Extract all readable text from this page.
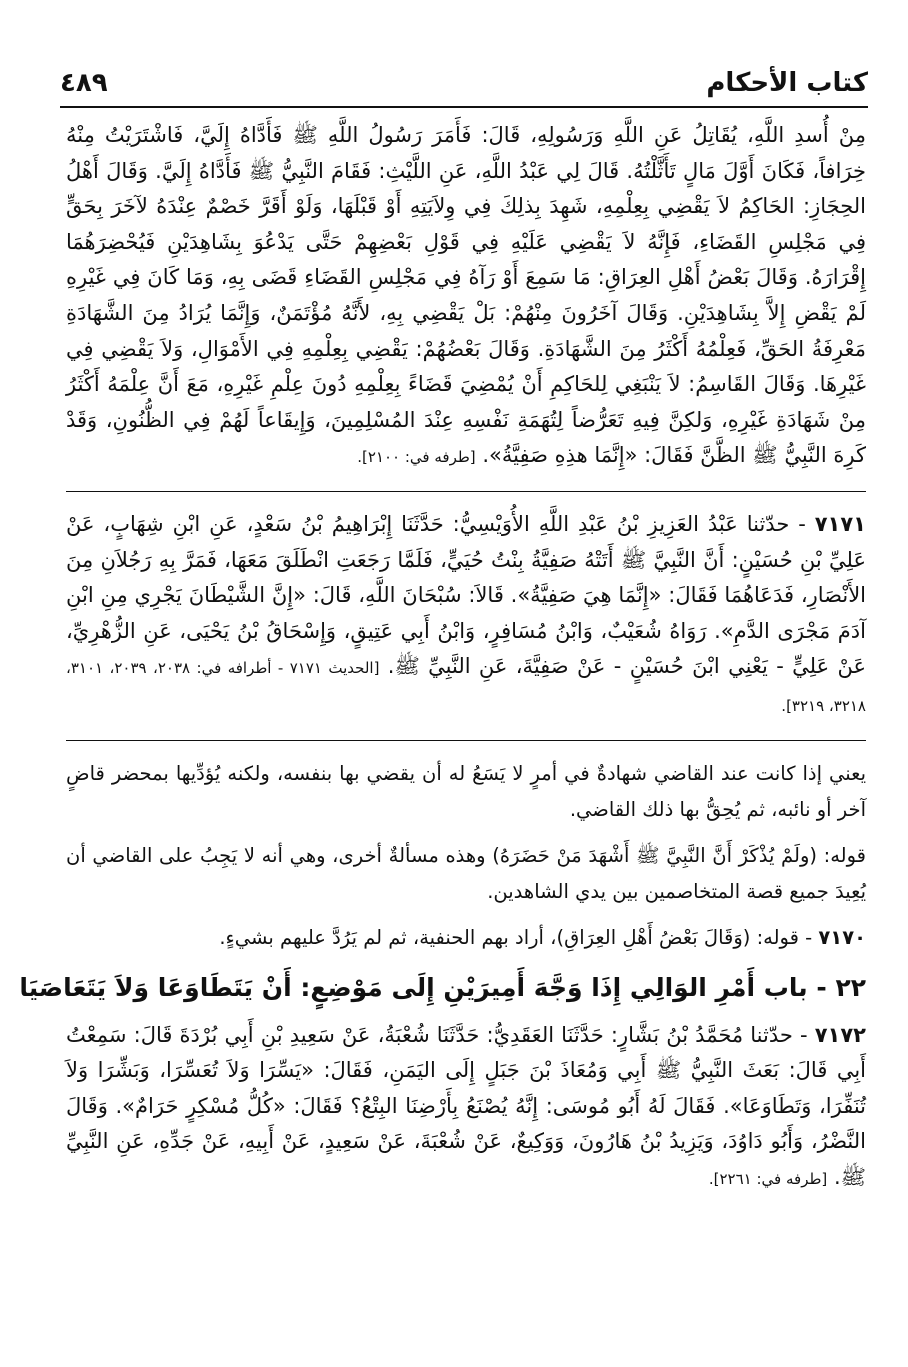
كتاب الأحكام
٤٨٩

مِنْ أُسدِ اللَّهِ، يُقَاتِلُ عَنِ اللَّهِ وَرَسُولِهِ، قَالَ: فَأَمَرَ رَسُولُ اللَّهِ ﷺ فَأَدَّاهُ إِلَيَّ، فَاشْتَرَيْتُ مِنْهُ خِرَافاً، فَكَانَ أَوَّلَ مَالٍ تَأَثَّلْتُهُ. قَالَ لِي عَبْدُ اللَّهِ، عَنِ اللَّيْثِ: فَقَامَ النَّبِيُّ ﷺ فَأَدَّاهُ إِلَيَّ. وَقَالَ أَهْلُ الحِجَازِ: الحَاكِمُ لاَ يَقْضِي بِعِلْمِهِ، شَهِدَ بِذلِكَ فِي وِلاَيَتِهِ أَوْ قَبْلَهَا، وَلَوْ أَقَرَّ خَصْمٌ عِنْدَهُ لآخَرَ بِحَقٍّ فِي مَجْلِسِ القَضَاءِ، فَإِنَّهُ لاَ يَقْضِي عَلَيْهِ فِي قَوْلِ بَعْضِهِمْ حَتَّى يَدْعُوَ بِشَاهِدَيْنِ فَيُحْضِرَهُمَا إِقْرَارَهُ. وَقَالَ بَعْضُ أَهْلِ العِرَاقِ: مَا سَمِعَ أَوْ رَآهُ فِي مَجْلِسِ القَضَاءِ قَضَى بِهِ، وَمَا كَانَ فِي غَيْرِهِ لَمْ يَقْضِ إِلاَّ بِشَاهِدَيْنِ. وَقَالَ آخَرُونَ مِنْهُمْ: بَلْ يَقْضِي بِهِ، لأَنَّهُ مُؤْتَمَنٌ، وَإِنَّمَا يُرَادُ مِنَ الشَّهَادَةِ مَعْرِفَةُ الحَقِّ، فَعِلْمُهُ أَكْثَرُ مِنَ الشَّهَادَةِ. وَقَالَ بَعْضُهُمْ: يَقْضِي بِعِلْمِهِ فِي الأَمْوَالِ، وَلاَ يَقْضِي فِي غَيْرِهَا. وَقَالَ القَاسِمُ: لاَ يَنْبَغِي لِلحَاكِمِ أَنْ يُمْضِيَ قَضَاءً بِعِلْمِهِ دُونَ عِلْمِ غَيْرِهِ، مَعَ أَنَّ عِلْمَهُ أَكْثَرُ مِنْ شَهَادَةِ غَيْرِهِ، وَلكِنَّ فِيهِ تَعَرُّضاً لِتُهَمَةِ نَفْسِهِ عِنْدَ المُسْلِمِينَ، وَإِيقَاعاً لَهُمْ فِي الظُّنُونِ، وَقَدْ كَرِهَ النَّبِيُّ ﷺ الظَّنَّ فَقَالَ: «إِنَّمَا هذِهِ صَفِيَّةُ». [طرفه في: ٢١٠٠].

٧١٧١ - حدّثنا عَبْدُ العَزِيزِ بْنُ عَبْدِ اللَّهِ الأُوَيْسِيُّ: حَدَّثَنَا إِبْرَاهِيمُ بْنُ سَعْدٍ، عَنِ ابْنِ شِهَابٍ، عَنْ عَلِيِّ بْنِ حُسَيْنٍ: أَنَّ النَّبِيَّ ﷺ أَتَتْهُ صَفِيَّةُ بِنْتُ حُيَيٍّ، فَلَمَّا رَجَعَتِ انْطَلَقَ مَعَهَا، فَمَرَّ بِهِ رَجُلاَنِ مِنَ الأَنْصَارِ، فَدَعَاهُمَا فَقَالَ: «إِنَّمَا هِيَ صَفِيَّةُ». قَالاَ: سُبْحَانَ اللَّهِ، قَالَ: «إِنَّ الشَّيْطَانَ يَجْرِي مِنِ ابْنِ آدَمَ مَجْرَى الدَّمِ». رَوَاهُ شُعَيْبٌ، وَابْنُ مُسَافِرٍ، وَابْنُ أَبِي عَتِيقٍ، وَإِسْحَاقُ بْنُ يَحْيَى، عَنِ الزُّهْرِيِّ، عَنْ عَلِيٍّ - يَعْنِي ابْنَ حُسَيْنٍ - عَنْ صَفِيَّةَ، عَنِ النَّبِيِّ ﷺ. [الحديث ٧١٧١ - أطرافه في: ٢٠٣٨، ٢٠٣٩، ٣١٠١، ٣٢١٨، ٣٢١٩].

يعني إذا كانت عند القاضي شهادةٌ في أمرٍ لا يَسَعُ له أن يقضي بها بنفسه، ولكنه يُؤدِّيها بمحضر قاضٍ آخر أو نائبه، ثم يُحِقُّ بها ذلك القاضي.

قوله: (ولَمْ يُذْكَرْ أَنَّ النَّبِيَّ ﷺ أَشْهَدَ مَنْ حَضَرَهُ) وهذه مسألةٌ أخرى، وهي أنه لا يَجِبُ على القاضي أن يُعِيدَ جميع قصة المتخاصمين بين يدي الشاهدين.

٧١٧٠ - قوله: (وَقَالَ بَعْضُ أَهْلِ العِرَاقِ)، أراد بهم الحنفية، ثم لم يَرُدَّ عليهم بشيءٍ.

٢٢ - باب أَمْرِ الوَالِي إِذَا وَجَّهَ أَمِيرَيْنِ إِلَى مَوْضِعٍ: أَنْ يَتَطَاوَعَا وَلاَ يَتَعَاصَيَا

٧١٧٢ - حدّثنا مُحَمَّدُ بْنُ بَشَّارٍ: حَدَّثَنَا العَقَدِيُّ: حَدَّثَنَا شُعْبَةُ، عَنْ سَعِيدِ بْنِ أَبِي بُرْدَةَ قَالَ: سَمِعْتُ أَبِي قَالَ: بَعَثَ النَّبِيُّ ﷺ أَبِي وَمُعَاذَ بْنَ جَبَلٍ إِلَى اليَمَنِ، فَقَالَ: «يَسِّرَا وَلاَ تُعَسِّرَا، وَبَشِّرَا وَلاَ تُنَفِّرَا، وَتَطَاوَعَا». فَقَالَ لَهُ أَبُو مُوسَى: إِنَّهُ يُصْنَعُ بِأَرْضِنَا البِتْعُ؟ فَقَالَ: «كُلُّ مُسْكِرٍ حَرَامٌ». وَقَالَ النَّضْرُ، وَأَبُو دَاوُدَ، وَيَزِيدُ بْنُ هَارُونَ، وَوَكِيعٌ، عَنْ شُعْبَةَ، عَنْ سَعِيدٍ، عَنْ أَبِيهِ، عَنْ جَدِّهِ، عَنِ النَّبِيِّ ﷺ. [طرفه في: ٢٢٦١].
